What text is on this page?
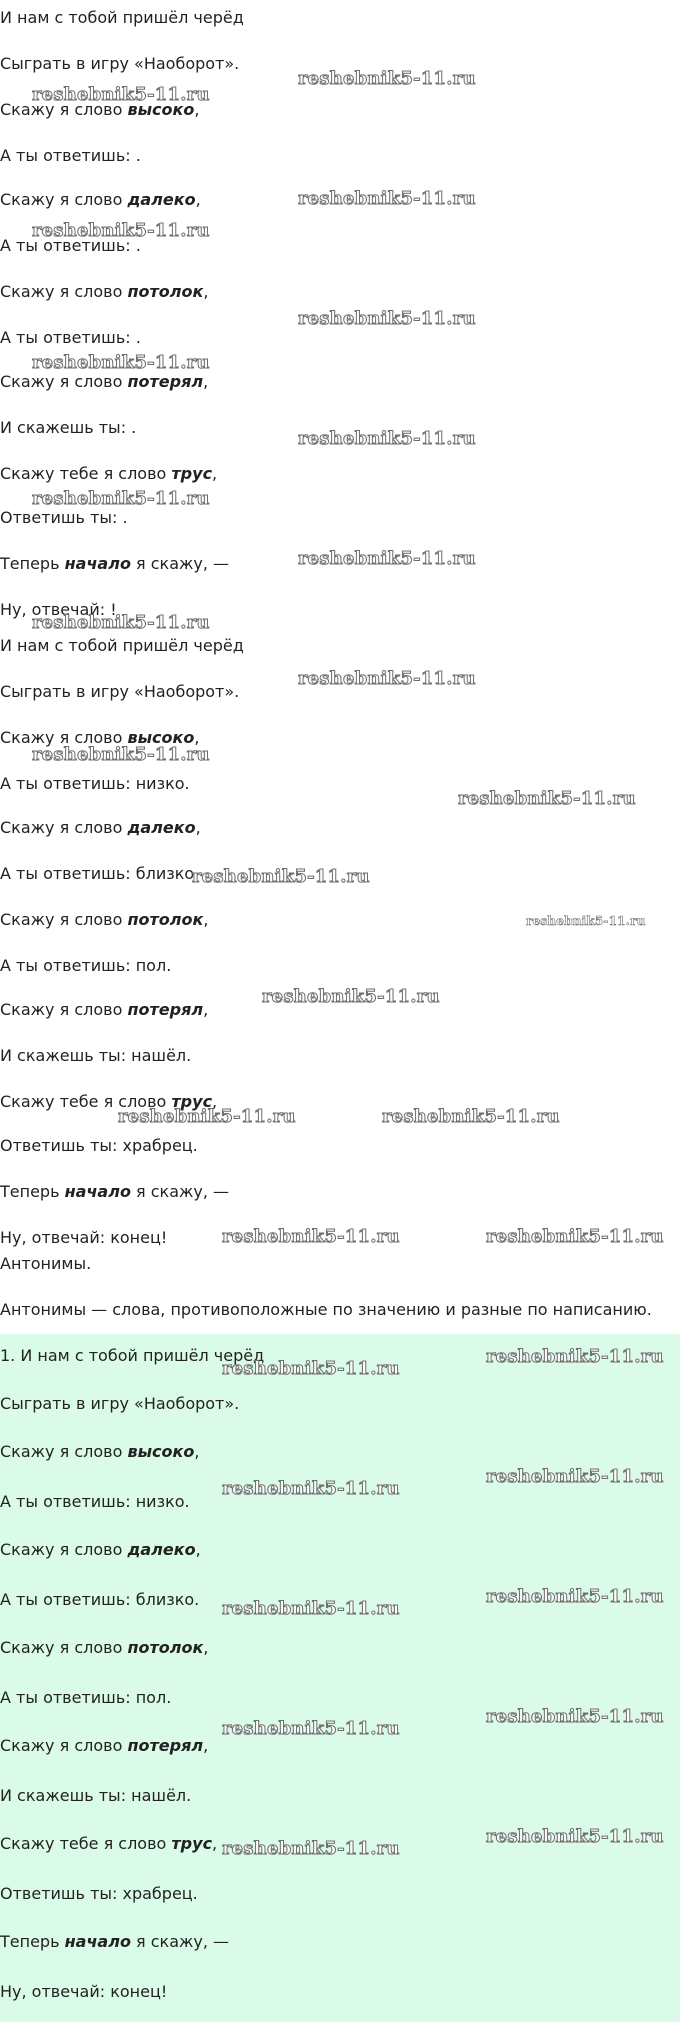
И нам с тобой пришёл черёд
Сыграть в игру «Наоборот».
Скажу я слово высоко,
А ты ответишь: .
Скажу я слово далеко,
А ты ответишь: .
Скажу я слово потолок,
А ты ответишь: .
Скажу я слово потерял,
И скажешь ты: .
Скажу тебе я слово трус,
Ответишь ты: .
Теперь начало я скажу, —
Ну, отвечай: !
И нам с тобой пришёл черёд
Сыграть в игру «Наоборот».
Скажу я слово высоко,
А ты ответишь: низко.
Скажу я слово далеко,
А ты ответишь: близко.
Скажу я слово потолок,
А ты ответишь: пол.
Скажу я слово потерял,
И скажешь ты: нашёл.
Скажу тебе я слово трус,
Ответишь ты: храбрец.
Теперь начало я скажу, —
Ну, отвечай: конец!
Антонимы.
Антонимы — слова, противоположные по значению и разные по написанию.
1. И нам с тобой пришёл черёд
Сыграть в игру «Наоборот».
Скажу я слово высоко,
А ты ответишь: низко.
Скажу я слово далеко,
А ты ответишь: близко.
Скажу я слово потолок,
А ты ответишь: пол.
Скажу я слово потерял,
И скажешь ты: нашёл.
Скажу тебе я слово трус,
Ответишь ты: храбрец.
Теперь начало я скажу, —
Ну, отвечай: конец!
reshebnik5-11.ru
reshebnik5-11.ru
reshebnik5-11.ru
reshebnik5-11.ru
reshebnik5-11.ru
reshebnik5-11.ru
reshebnik5-11.ru
reshebnik5-11.ru
reshebnik5-11.ru
reshebnik5-11.ru
reshebnik5-11.ru
reshebnik5-11.ru
reshebnik5-11.ru
reshebnik5-11.ru
reshebnik5-11.ru
reshebnik5-11.ru
reshebnik5-11.ru	reshebnik5-11.ru
reshebnik5-11.ru	reshebnik5-11.ru
reshebnik5-11.ru
reshebnik5-11.ru
reshebnik5-11.ru
reshebnik5-11.ru
reshebnik5-11.ru
reshebnik5-11.ru
reshebnik5-11.ru
reshebnik5-11.ru
reshebnik5-11.ru
reshebnik5-11.ru
